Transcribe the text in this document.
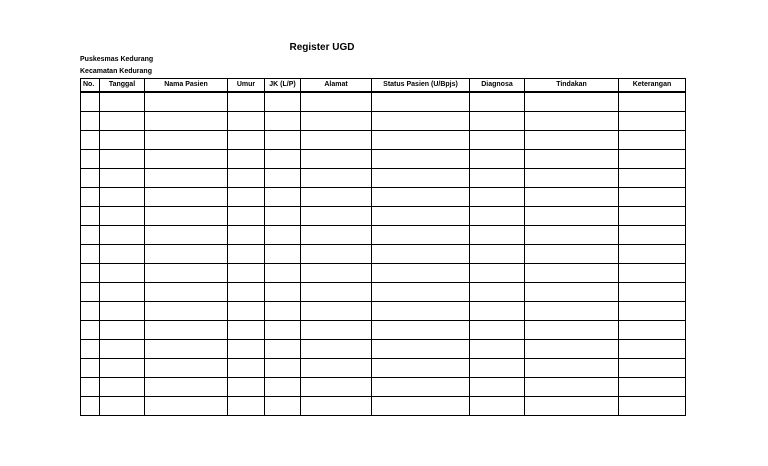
Register UGD
Puskesmas Kedurang
Kecamatan Kedurang
No.	Tanggal	Nama Pasien	Umur	JK (L/P)	Alamat	Status Pasien (U/Bpjs)	Diagnosa	Tindakan	Keterangan
